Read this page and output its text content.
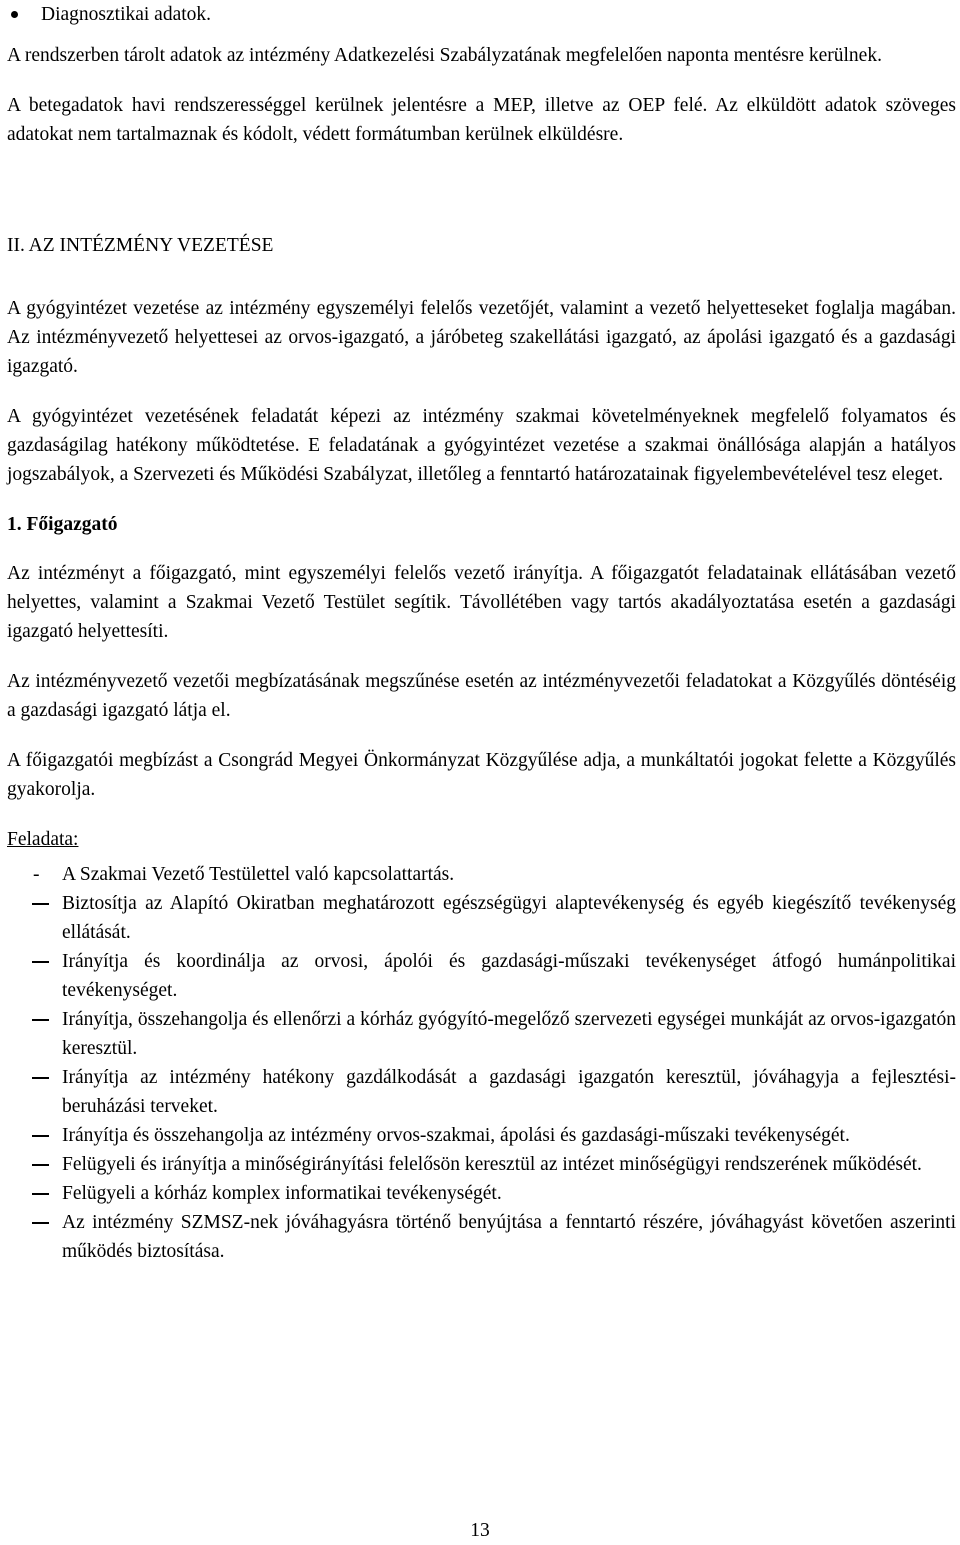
Diagnosztikai adatok.

A rendszerben tárolt adatok az intézmény Adatkezelési Szabályzatának megfelelően naponta mentésre kerülnek.

A betegadatok havi rendszerességgel kerülnek jelentésre a MEP, illetve az OEP felé. Az elküldött adatok szöveges adatokat nem tartalmaznak és kódolt, védett formátumban kerülnek elküldésre.

II. AZ INTÉZMÉNY VEZETÉSE

A gyógyintézet vezetése az intézmény egyszemélyi felelős vezetőjét, valamint a vezető helyetteseket foglalja magában. Az intézményvezető helyettesei az orvos-igazgató, a járóbeteg szakellátási igazgató, az ápolási igazgató és a gazdasági igazgató.

A gyógyintézet vezetésének feladatát képezi az intézmény szakmai követelményeknek megfelelő folyamatos és gazdaságilag hatékony működtetése. E feladatának a gyógyintézet vezetése a szakmai önállósága alapján a hatályos jogszabályok, a Szervezeti és Működési Szabályzat, illetőleg a fenntartó határozatainak figyelembevételével tesz eleget.

1. Főigazgató

Az intézményt a főigazgató, mint egyszemélyi felelős vezető irányítja. A főigazgatót feladatainak ellátásában vezető helyettes, valamint a Szakmai Vezető Testület segítik. Távollétében vagy tartós akadályoztatása esetén a gazdasági igazgató helyettesíti.

Az intézményvezető vezetői megbízatásának megszűnése esetén az intézményvezetői feladatokat a Közgyűlés döntéséig a gazdasági igazgató látja el.

A főigazgatói megbízást a Csongrád Megyei Önkormányzat Közgyűlése adja, a munkáltatói jogokat felette a Közgyűlés gyakorolja.

Feladata:

- A Szakmai Vezető Testülettel való kapcsolattartás.
Biztosítja az Alapító Okiratban meghatározott egészségügyi alaptevékenység és egyéb kiegészítő tevékenység ellátását.
Irányítja és koordinálja az orvosi, ápolói és gazdasági-műszaki tevékenységet átfogó humánpolitikai tevékenységet.
Irányítja, összehangolja és ellenőrzi a kórház gyógyító-megelőző szervezeti egységei munkáját az orvos-igazgatón keresztül.
Irányítja az intézmény hatékony gazdálkodását a gazdasági igazgatón keresztül, jóváhagyja a fejlesztési-beruházási terveket.
Irányítja és összehangolja az intézmény orvos-szakmai, ápolási és gazdasági-műszaki tevékenységét.
Felügyeli és irányítja a minőségirányítási felelősön keresztül az intézet minőségügyi rendszerének működését.
Felügyeli a kórház komplex informatikai tevékenységét.
Az intézmény SZMSZ-nek jóváhagyásra történő benyújtása a fenntartó részére, jóváhagyást követően aszerinti működés biztosítása.
13
